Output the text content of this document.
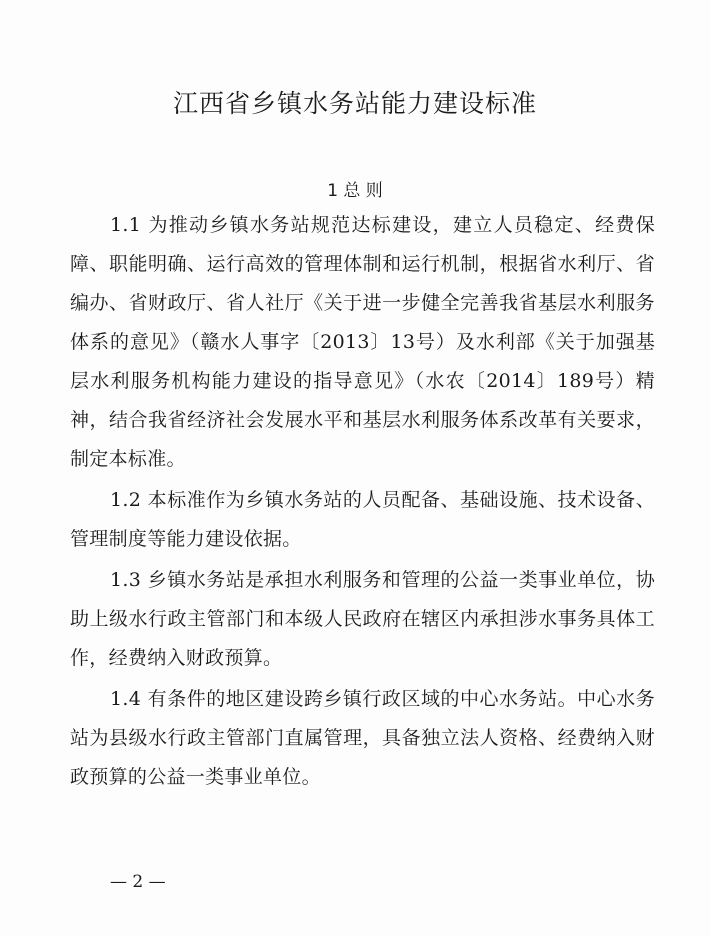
江西省乡镇水务站能力建设标准
1 总 则

1.1 为推动乡镇水务站规范达标建设，建立人员稳定、经费保障、职能明确、运行高效的管理体制和运行机制，根据省水利厅、省编办、省财政厅、省人社厅《关于进一步健全完善我省基层水利服务体系的意见》（赣水人事字〔2013〕13号）及水利部《关于加强基层水利服务机构能力建设的指导意见》（水农〔2014〕189号）精神，结合我省经济社会发展水平和基层水利服务体系改革有关要求，制定本标准。

1.2 本标准作为乡镇水务站的人员配备、基础设施、技术设备、管理制度等能力建设依据。

1.3 乡镇水务站是承担水利服务和管理的公益一类事业单位，协助上级水行政主管部门和本级人民政府在辖区内承担涉水事务具体工作，经费纳入财政预算。

1.4 有条件的地区建设跨乡镇行政区域的中心水务站。中心水务站为县级水行政主管部门直属管理，具备独立法人资格、经费纳入财政预算的公益一类事业单位。

— 2 —
